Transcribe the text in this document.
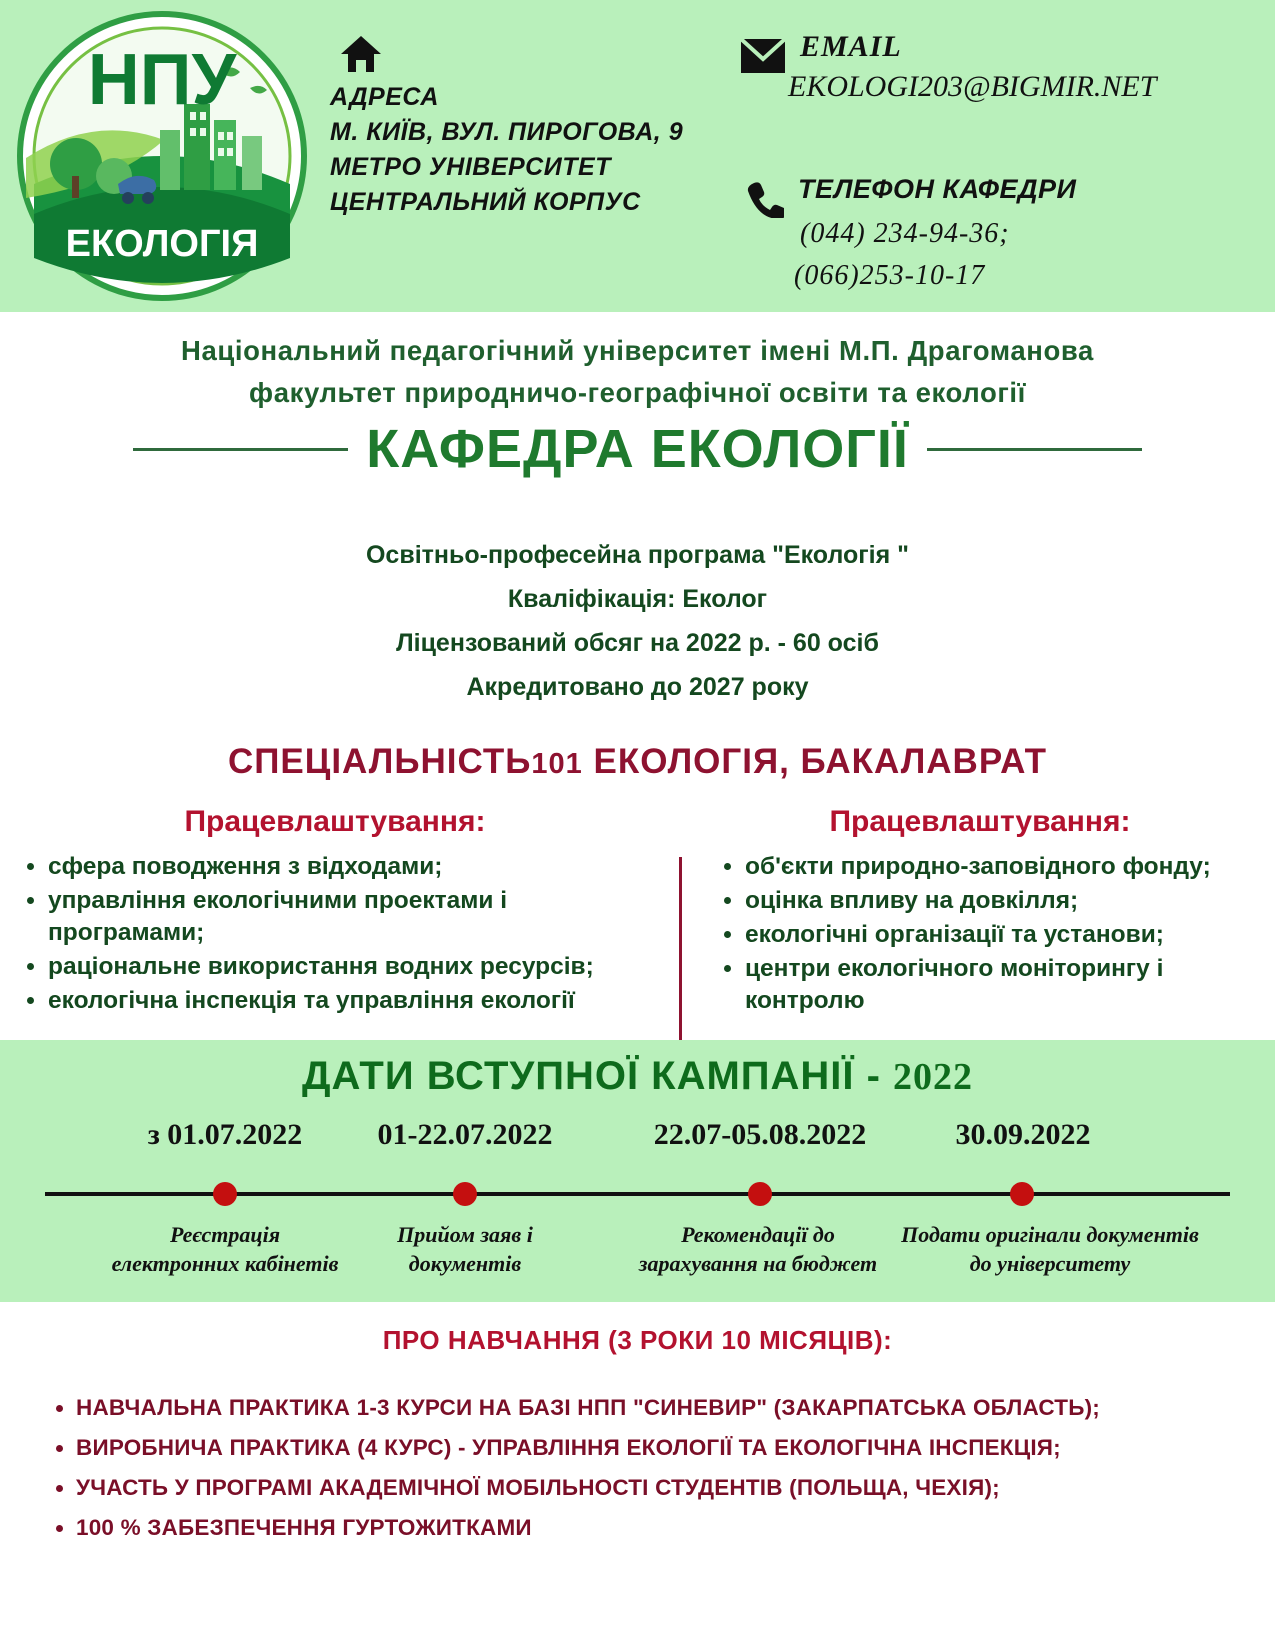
НПУ
ЕКОЛОГІЯ
АДРЕСА
М. КИЇВ, ВУЛ. ПИРОГОВА, 9
МЕТРО УНІВЕРСИТЕТ
ЦЕНТРАЛЬНИЙ КОРПУС
EMAIL
EKOLOGI203@BIGMIR.NET
ТЕЛЕФОН КАФЕДРИ
(044) 234-94-36;
(066)253-10-17
Національний педагогічний університет імені М.П. Драгоманова
факультет природничо-географічної освіти та екології
КАФЕДРА ЕКОЛОГІЇ
Освітньо-професейна програма "Екологія "
Кваліфікація: Еколог
Ліцензований обсяг на 2022 р. - 60 осіб
Акредитовано до 2027 року
СПЕЦІАЛЬНІСТЬ101 ЕКОЛОГІЯ, БАКАЛАВРАТ
Працевлаштування:
• сфера поводження з відходами;
• управління екологічними проектами і програмами;
• раціональне використання водних ресурсів;
• екологічна інспекція та управління екології
Працевлаштування:
• об'єкти природно-заповідного фонду;
• оцінка впливу на довкілля;
• екологічні організації та установи;
• центри екологічного моніторингу і контролю
ДАТИ ВСТУПНОЇ КАМПАНІЇ - 2022
з 01.07.2022
Реєстрація
електронних кабінетів
01-22.07.2022
Прийом заяв і
документів
22.07-05.08.2022
Рекомендації до
зарахування на бюджет
30.09.2022
Подати оригінали документів
до університету
ПРО НАВЧАННЯ (3 РОКИ 10 МІСЯЦІВ):
• НАВЧАЛЬНА ПРАКТИКА 1-3 КУРСИ НА БАЗІ НПП "СИНЕВИР" (ЗАКАРПАТСЬКА ОБЛАСТЬ);
• ВИРОБНИЧА ПРАКТИКА (4 КУРС) - УПРАВЛІННЯ ЕКОЛОГІЇ ТА ЕКОЛОГІЧНА ІНСПЕКЦІЯ;
• УЧАСТЬ У ПРОГРАМІ АКАДЕМІЧНОЇ МОБІЛЬНОСТІ СТУДЕНТІВ (ПОЛЬЩА, ЧЕХІЯ);
• 100 % ЗАБЕЗПЕЧЕННЯ ГУРТОЖИТКАМИ
